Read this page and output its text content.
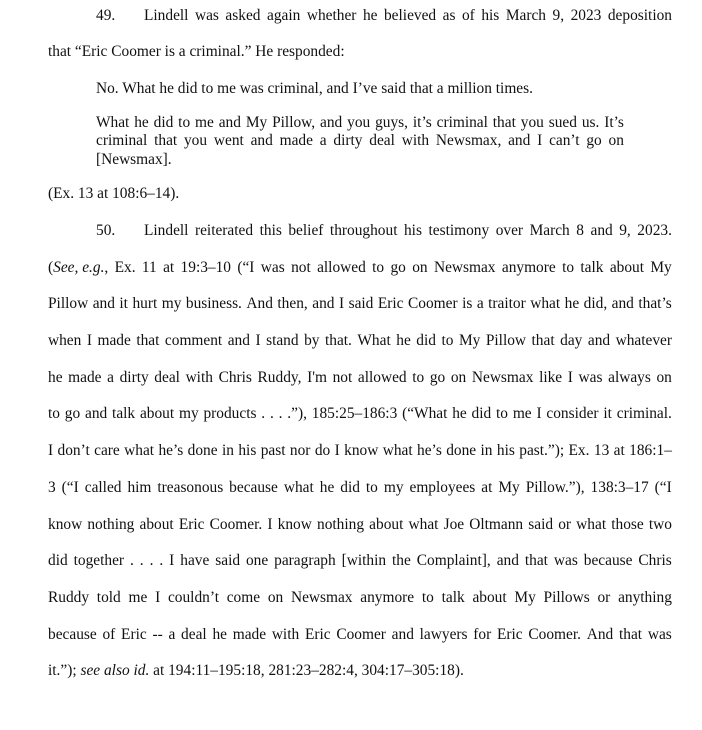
49. Lindell was asked again whether he believed as of his March 9, 2023 deposition
that “Eric Coomer is a criminal.” He responded:
No. What he did to me was criminal, and I’ve said that a million times.
What he did to me and My Pillow, and you guys, it’s criminal that you sued us. It’s
criminal that you went and made a dirty deal with Newsmax, and I can’t go on
[Newsmax].
(Ex. 13 at 108:6–14).
50. Lindell reiterated this belief throughout his testimony over March 8 and 9, 2023.
(See, e.g., Ex. 11 at 19:3–10 (“I was not allowed to go on Newsmax anymore to talk about My
Pillow and it hurt my business. And then, and I said Eric Coomer is a traitor what he did, and that’s
when I made that comment and I stand by that. What he did to My Pillow that day and whatever
he made a dirty deal with Chris Ruddy, I'm not allowed to go on Newsmax like I was always on
to go and talk about my products . . . .”), 185:25–186:3 (“What he did to me I consider it criminal.
I don’t care what he’s done in his past nor do I know what he’s done in his past.”); Ex. 13 at 186:1–
3 (“I called him treasonous because what he did to my employees at My Pillow.”), 138:3–17 (“I
know nothing about Eric Coomer. I know nothing about what Joe Oltmann said or what those two
did together . . . . I have said one paragraph [within the Complaint], and that was because Chris
Ruddy told me I couldn’t come on Newsmax anymore to talk about My Pillows or anything
because of Eric -- a deal he made with Eric Coomer and lawyers for Eric Coomer. And that was
it.”); see also id. at 194:11–195:18, 281:23–282:4, 304:17–305:18).
